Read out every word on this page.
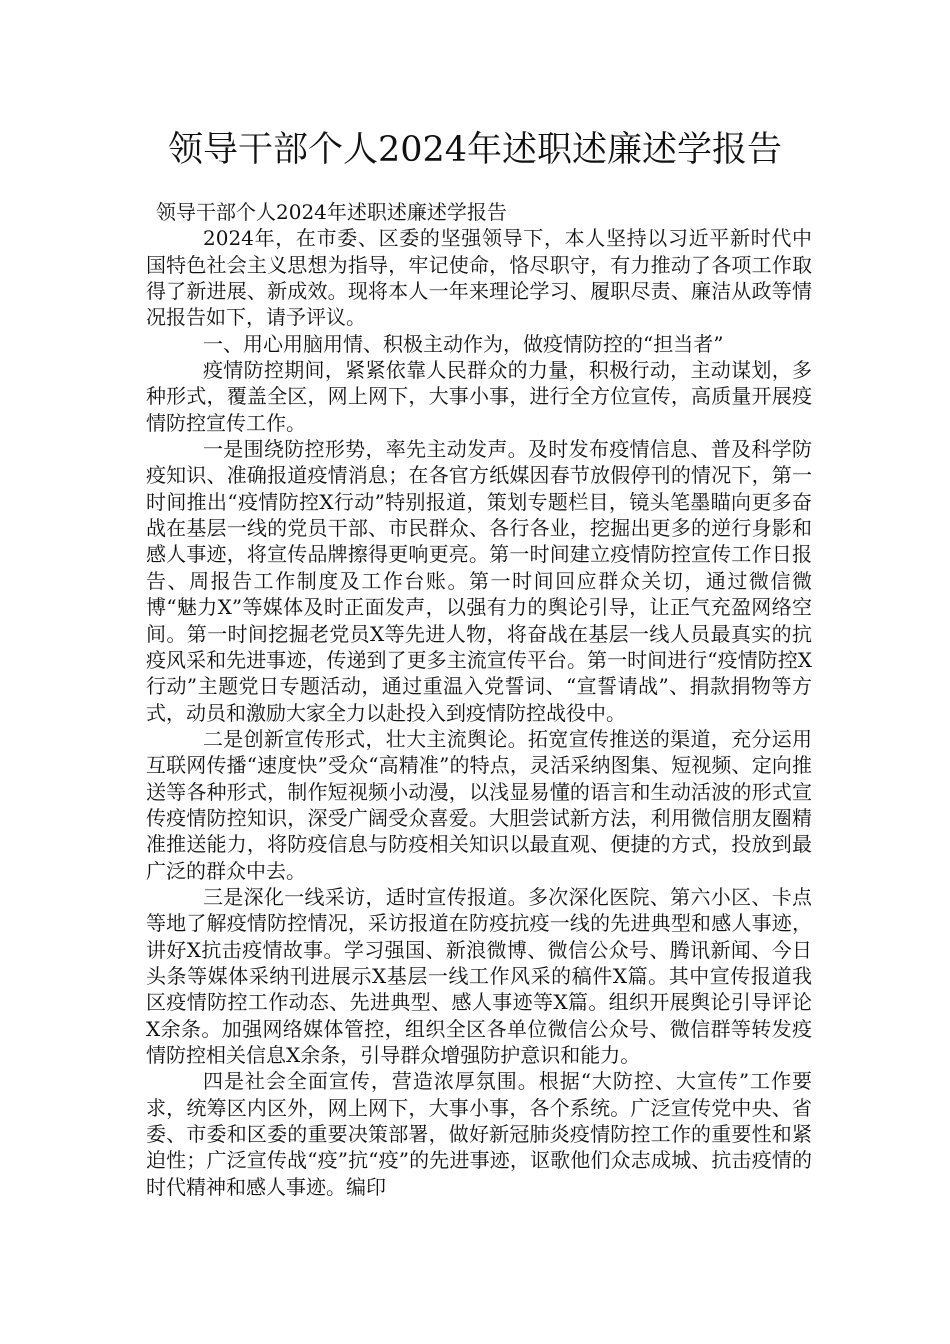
领导干部个人2024年述职述廉述学报告

领导干部个人2024年述职述廉述学报告

2024年，在市委、区委的坚强领导下，本人坚持以习近平新时代中国特色社会主义思想为指导，牢记使命，恪尽职守，有力推动了各项工作取得了新进展、新成效。现将本人一年来理论学习、履职尽责、廉洁从政等情况报告如下，请予评议。

一、用心用脑用情、积极主动作为，做疫情防控的“担当者”

疫情防控期间，紧紧依靠人民群众的力量，积极行动，主动谋划，多种形式，覆盖全区，网上网下，大事小事，进行全方位宣传，高质量开展疫情防控宣传工作。

一是围绕防控形势，率先主动发声。及时发布疫情信息、普及科学防疫知识、准确报道疫情消息；在各官方纸媒因春节放假停刊的情况下，第一时间推出“疫情防控X行动”特别报道，策划专题栏目，镜头笔墨瞄向更多奋战在基层一线的党员干部、市民群众、各行各业，挖掘出更多的逆行身影和感人事迹，将宣传品牌擦得更响更亮。第一时间建立疫情防控宣传工作日报告、周报告工作制度及工作台账。第一时间回应群众关切，通过微信微博“魅力X”等媒体及时正面发声，以强有力的舆论引导，让正气充盈网络空间。第一时间挖掘老党员X等先进人物，将奋战在基层一线人员最真实的抗疫风采和先进事迹，传递到了更多主流宣传平台。第一时间进行“疫情防控X行动”主题党日专题活动，通过重温入党誓词、“宣誓请战”、捐款捐物等方式，动员和激励大家全力以赴投入到疫情防控战役中。

二是创新宣传形式，壮大主流舆论。拓宽宣传推送的渠道，充分运用互联网传播“速度快”受众“高精准”的特点，灵活采纳图集、短视频、定向推送等各种形式，制作短视频小动漫，以浅显易懂的语言和生动活波的形式宣传疫情防控知识，深受广阔受众喜爱。大胆尝试新方法，利用微信朋友圈精准推送能力，将防疫信息与防疫相关知识以最直观、便捷的方式，投放到最广泛的群众中去。

三是深化一线采访，适时宣传报道。多次深化医院、第六小区、卡点等地了解疫情防控情况，采访报道在防疫抗疫一线的先进典型和感人事迹，讲好X抗击疫情故事。学习强国、新浪微博、微信公众号、腾讯新闻、今日头条等媒体采纳刊进展示X基层一线工作风采的稿件X篇。其中宣传报道我区疫情防控工作动态、先进典型、感人事迹等X篇。组织开展舆论引导评论X余条。加强网络媒体管控，组织全区各单位微信公众号、微信群等转发疫情防控相关信息X余条，引导群众增强防护意识和能力。

四是社会全面宣传，营造浓厚氛围。根据“大防控、大宣传”工作要求，统筹区内区外，网上网下，大事小事，各个系统。广泛宣传党中央、省委、市委和区委的重要决策部署，做好新冠肺炎疫情防控工作的重要性和紧迫性；广泛宣传战“疫”抗“疫”的先进事迹，讴歌他们众志成城、抗击疫情的时代精神和感人事迹。编印
